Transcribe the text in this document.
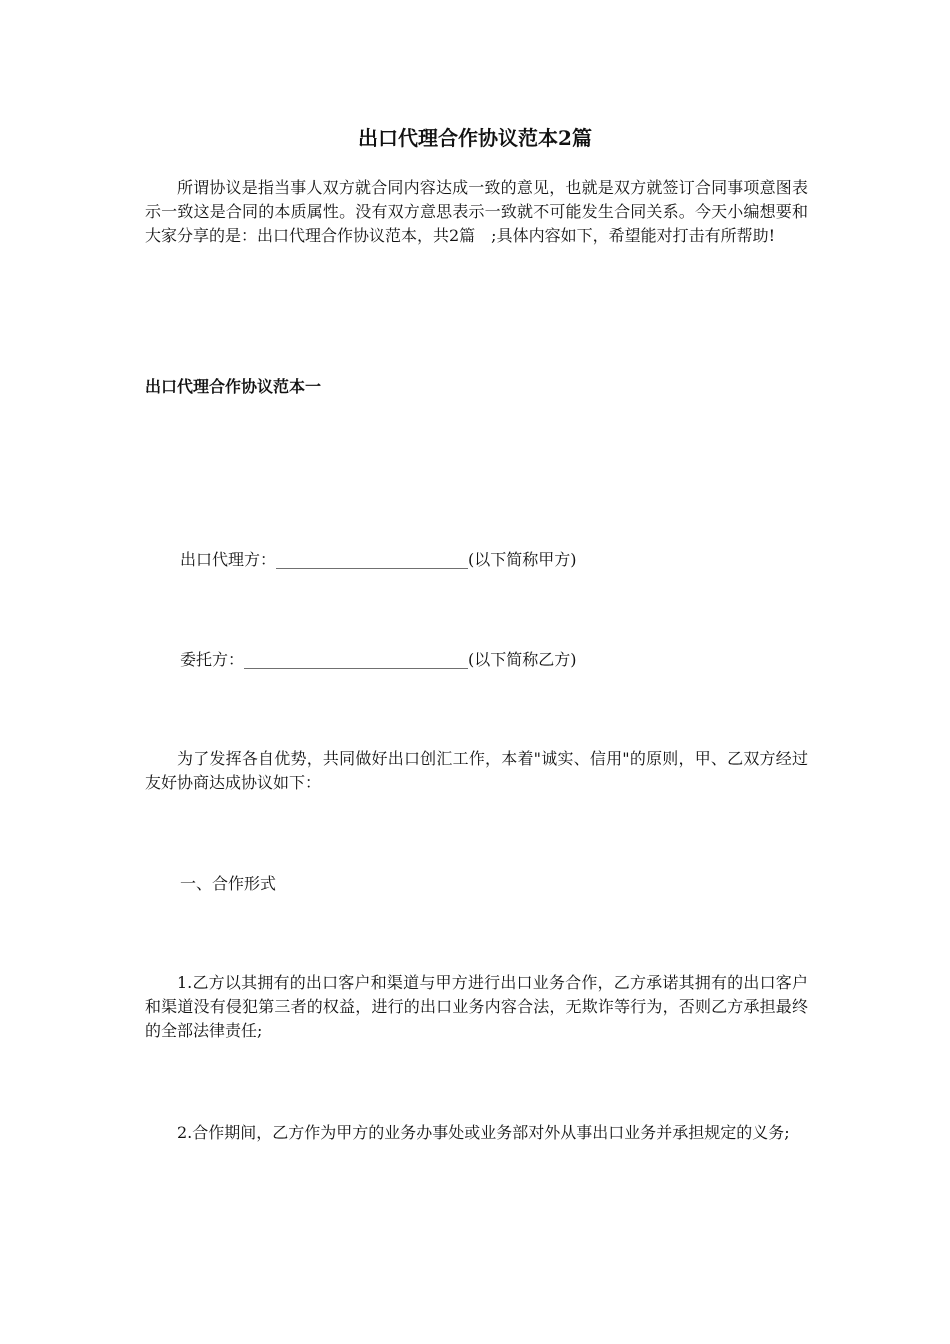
出口代理合作协议范本2篇

所谓协议是指当事人双方就合同内容达成一致的意见，也就是双方就签订合同事项意图表示一致这是合同的本质属性。没有双方意思表示一致就不可能发生合同关系。今天小编想要和大家分享的是：出口代理合作协议范本，共2篇　;具体内容如下，希望能对打击有所帮助!

出口代理合作协议范本一
出口代理方：________________________(以下简称甲方)
委托方：____________________________(以下简称乙方)

为了发挥各自优势，共同做好出口创汇工作，本着"诚实、信用"的原则，甲、乙双方经过友好协商达成协议如下：

一、合作形式

1.乙方以其拥有的出口客户和渠道与甲方进行出口业务合作，乙方承诺其拥有的出口客户和渠道没有侵犯第三者的权益，进行的出口业务内容合法，无欺诈等行为，否则乙方承担最终的全部法律责任;

2.合作期间，乙方作为甲方的业务办事处或业务部对外从事出口业务并承担规定的义务;
